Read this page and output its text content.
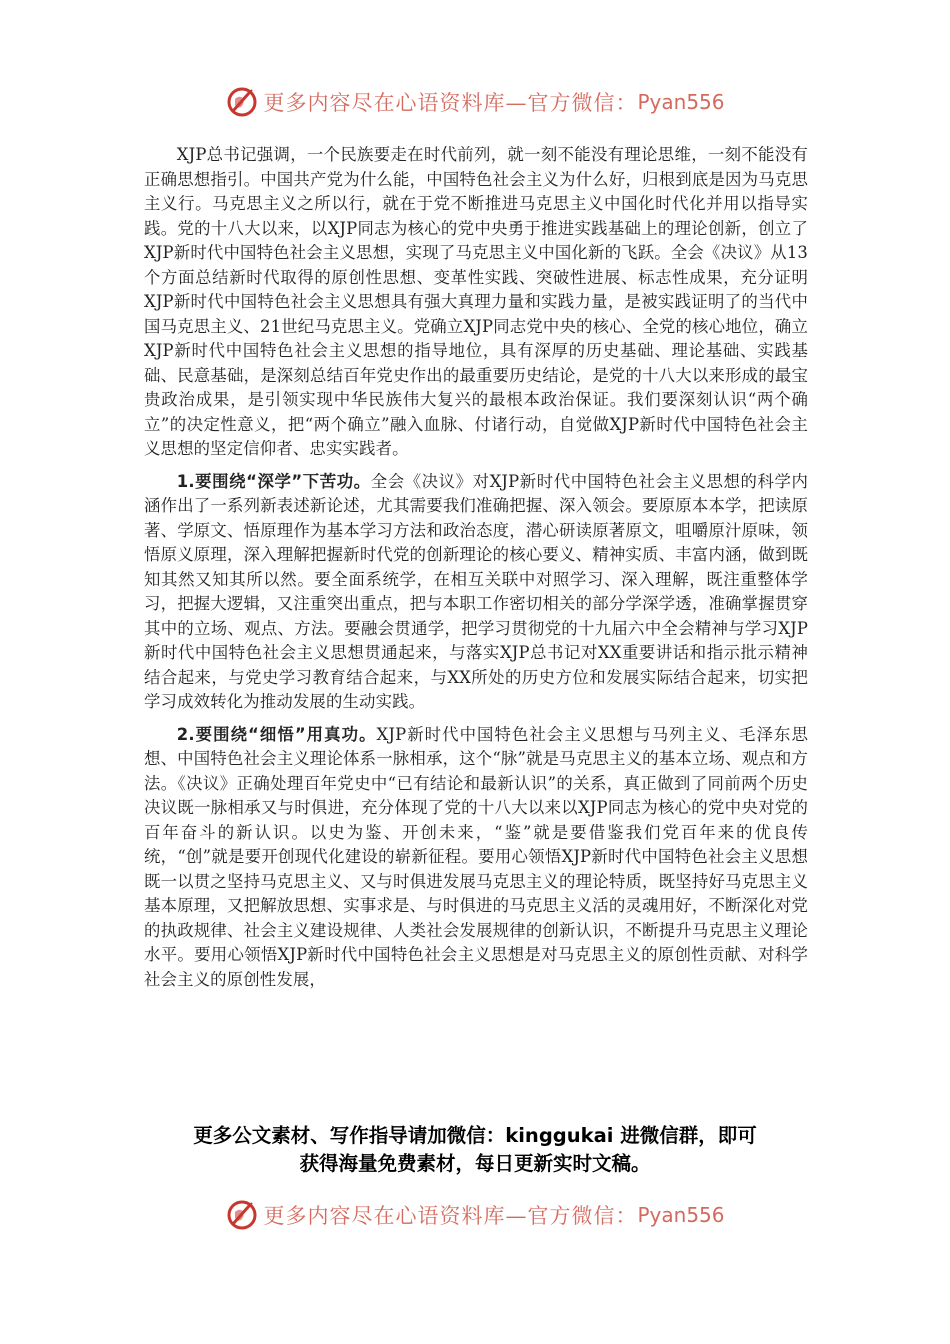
更多内容尽在心语资料库—官方微信： Pyan556

XJP总书记强调，一个民族要走在时代前列，就一刻不能没有理论思维，一刻不能没有正确思想指引。中国共产党为什么能，中国特色社会主义为什么好，归根到底是因为马克思主义行。马克思主义之所以行，就在于党不断推进马克思主义中国化时代化并用以指导实践。党的十八大以来，以XJP同志为核心的党中央勇于推进实践基础上的理论创新，创立了XJP新时代中国特色社会主义思想，实现了马克思主义中国化新的飞跃。全会《决议》从13个方面总结新时代取得的原创性思想、变革性实践、突破性进展、标志性成果，充分证明XJP新时代中国特色社会主义思想具有强大真理力量和实践力量，是被实践证明了的当代中国马克思主义、21世纪马克思主义。党确立XJP同志党中央的核心、全党的核心地位，确立XJP新时代中国特色社会主义思想的指导地位，具有深厚的历史基础、理论基础、实践基础、民意基础，是深刻总结百年党史作出的最重要历史结论，是党的十八大以来形成的最宝贵政治成果，是引领实现中华民族伟大复兴的最根本政治保证。我们要深刻认识“两个确立”的决定性意义，把“两个确立”融入血脉、付诸行动，自觉做XJP新时代中国特色社会主义思想的坚定信仰者、忠实实践者。

1.要围绕“深学”下苦功。全会《决议》对XJP新时代中国特色社会主义思想的科学内涵作出了一系列新表述新论述，尤其需要我们准确把握、深入领会。要原原本本学，把读原著、学原文、悟原理作为基本学习方法和政治态度，潜心研读原著原文，咀嚼原汁原味，领悟原义原理，深入理解把握新时代党的创新理论的核心要义、精神实质、丰富内涵，做到既知其然又知其所以然。要全面系统学，在相互关联中对照学习、深入理解，既注重整体学习，把握大逻辑，又注重突出重点，把与本职工作密切相关的部分学深学透，准确掌握贯穿其中的立场、观点、方法。要融会贯通学，把学习贯彻党的十九届六中全会精神与学习XJP新时代中国特色社会主义思想贯通起来，与落实XJP总书记对XX重要讲话和指示批示精神结合起来，与党史学习教育结合起来，与XX所处的历史方位和发展实际结合起来，切实把学习成效转化为推动发展的生动实践。

2.要围绕“细悟”用真功。XJP新时代中国特色社会主义思想与马列主义、毛泽东思想、中国特色社会主义理论体系一脉相承，这个“脉”就是马克思主义的基本立场、观点和方法。《决议》正确处理百年党史中“已有结论和最新认识”的关系，真正做到了同前两个历史决议既一脉相承又与时俱进，充分体现了党的十八大以来以XJP同志为核心的党中央对党的百年奋斗的新认识。以史为鉴、开创未来，“鉴”就是要借鉴我们党百年来的优良传统，“创”就是要开创现代化建设的崭新征程。要用心领悟XJP新时代中国特色社会主义思想既一以贯之坚持马克思主义、又与时俱进发展马克思主义的理论特质，既坚持好马克思主义基本原理，又把解放思想、实事求是、与时俱进的马克思主义活的灵魂用好，不断深化对党的执政规律、社会主义建设规律、人类社会发展规律的创新认识，不断提升马克思主义理论水平。要用心领悟XJP新时代中国特色社会主义思想是对马克思主义的原创性贡献、对科学社会主义的原创性发展，

更多公文素材、写作指导请加微信：kinggukai 进微信群，即可
获得海量免费素材，每日更新实时文稿。
更多内容尽在心语资料库—官方微信： Pyan556
